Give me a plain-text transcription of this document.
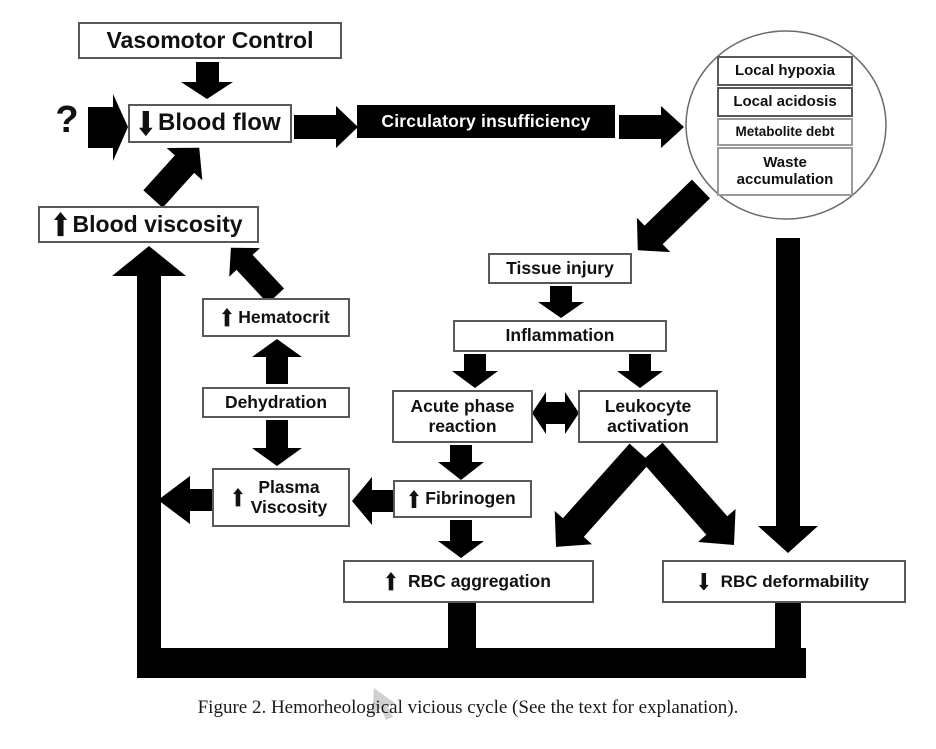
Vasomotor Control
?	Blood flow	Circulatory insufficiency
Local hypoxia
Local acidosis
Metabolite debt
Waste accumulation
Tissue injury
Inflammation
Acute phase reaction
Leukocyte activation
Hematocrit
Dehydration
Plasma Viscosity	Fibrinogen
RBC aggregation	RBC deformability
Blood viscosity
Figure 2. Hemorheological vicious cycle (See the text for explanation).
